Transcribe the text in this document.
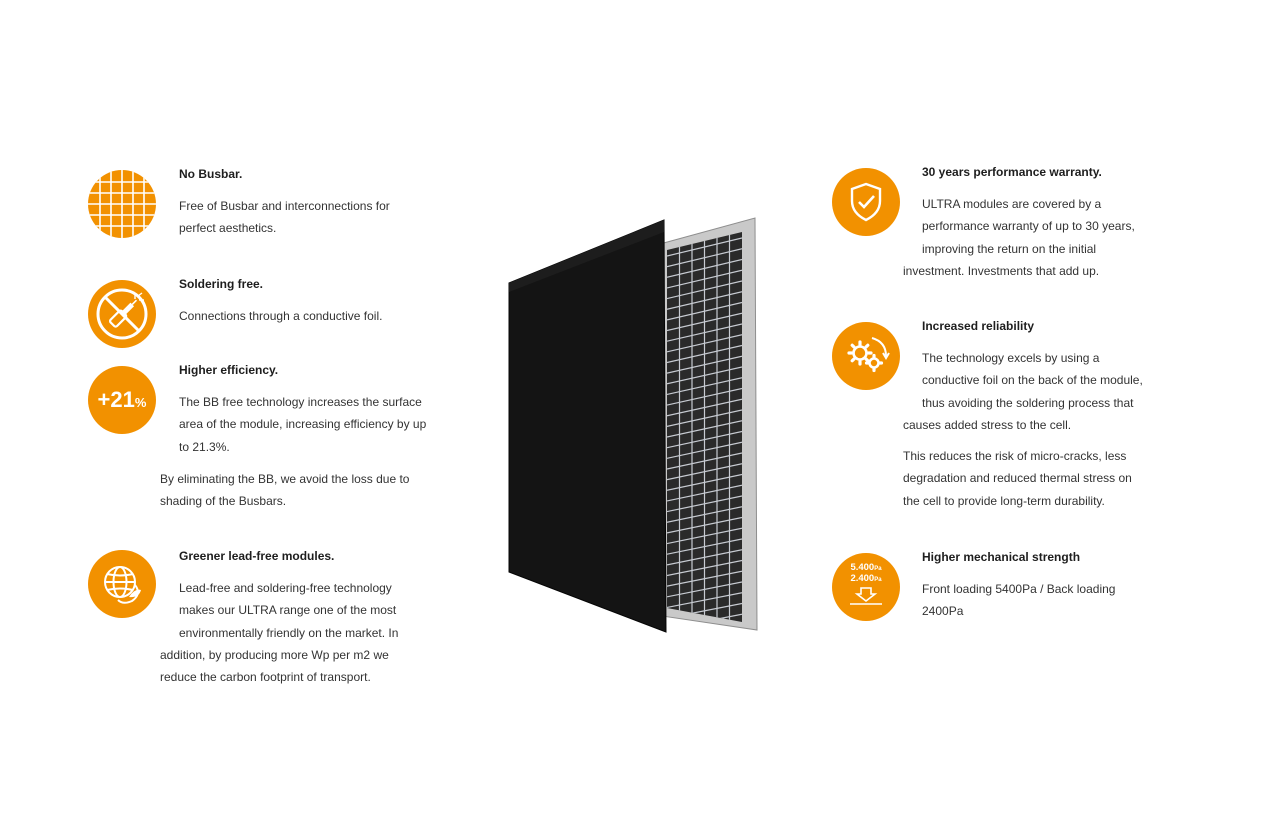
No Busbar.
Free of Busbar and interconnections for
perfect aesthetics.
Soldering free.
Connections through a conductive foil.
+21%
Higher efficiency.
The BB free technology increases the surface
area of the module, increasing efficiency by up
to 21.3%.
By eliminating the BB, we avoid the loss due to
shading of the Busbars.
Greener lead-free modules.
Lead-free and soldering-free technology
makes our ULTRA range one of the most
environmentally friendly on the market. In
addition, by producing more Wp per m2 we
reduce the carbon footprint of transport.
30 years performance warranty.
ULTRA modules are covered by a
performance warranty of up to 30 years,
improving the return on the initial
investment. Investments that add up.
Increased reliability
The technology excels by using a
conductive foil on the back of the module,
thus avoiding the soldering process that
causes added stress to the cell.
This reduces the risk of micro-cracks, less
degradation and reduced thermal stress on
the cell to provide long-term durability.
5.400Pa
2.400Pa
Higher mechanical strength
Front loading 5400Pa / Back loading
2400Pa
